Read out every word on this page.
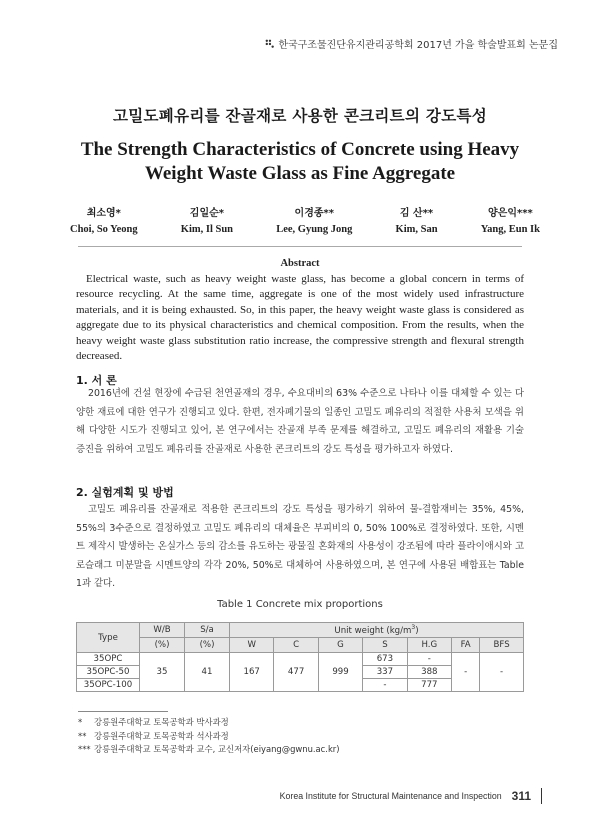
한국구조물진단유지관리공학회 2017년 가을 학술발표회 논문집
고밀도폐유리를 잔골재로 사용한 콘크리트의 강도특성
The Strength Characteristics of Concrete using Heavy
Weight Waste Glass as Fine Aggregate
최소영*
Choi, So Yeong
김일순*
Kim, Il Sun
이경종**
Lee, Gyung Jong
김 산**
Kim, San
양은익***
Yang, Eun Ik
Abstract
Electrical waste, such as heavy weight waste glass, has become a global concern in terms of resource recycling. At the same time, aggregate is one of the most widely used infrastructure materials, and it is being exhausted. So, in this paper, the heavy weight waste glass is considered as aggregate due to its physical characteristics and chemical composition. From the results, when the heavy weight waste glass substitution ratio increase, the compressive strength and flexural strength decreased.
1. 서 론
2016년에 건설 현장에 수급된 천연골재의 경우, 수요대비의 63% 수준으로 나타나 이를 대체할 수 있는 다양한 재료에 대한 연구가 진행되고 있다. 한편, 전자폐기물의 일종인 고밀도 폐유리의 적절한 사용처 모색을 위해 다양한 시도가 진행되고 있어, 본 연구에서는 잔골재 부족 문제를 해결하고, 고밀도 폐유리의 재활용 기술 증진을 위하여 고밀도 폐유리를 잔골재로 사용한 콘크리트의 강도 특성을 평가하고자 하였다.
2. 실험계획 및 방법
고밀도 폐유리를 잔골재로 적용한 콘크리트의 강도 특성을 평가하기 위하여 물-결합재비는 35%, 45%, 55%의 3수준으로 결정하였고 고밀도 폐유리의 대체율은 부피비의 0, 50% 100%로 결정하였다. 또한, 시멘트 제작시 발생하는 온실가스 등의 감소를 유도하는 광물질 혼화재의 사용성이 강조됨에 따라 플라이애시와 고로슬래그 미분말을 시멘트양의 각각 20%, 50%로 대체하여 사용하였으며, 본 연구에 사용된 배합표는 Table 1과 같다.
Table 1 Concrete mix proportions
Type	W/B	S/a	Unit weight $(kg/m^3)$						
	(%)	(%)	W	C	G	S	H.G	FA	BFS
35OPC	35	41	167	477	999	673	-	-	-
35OPC-50						337	388		
35OPC-100						-	777		
* 강릉원주대학교 토목공학과 박사과정
** 강릉원주대학교 토목공학과 석사과정
*** 강릉원주대학교 토목공학과 교수, 교신저자(eiyang@gwnu.ac.kr)
Korea Institute for Structural Maintenance and Inspection 311
